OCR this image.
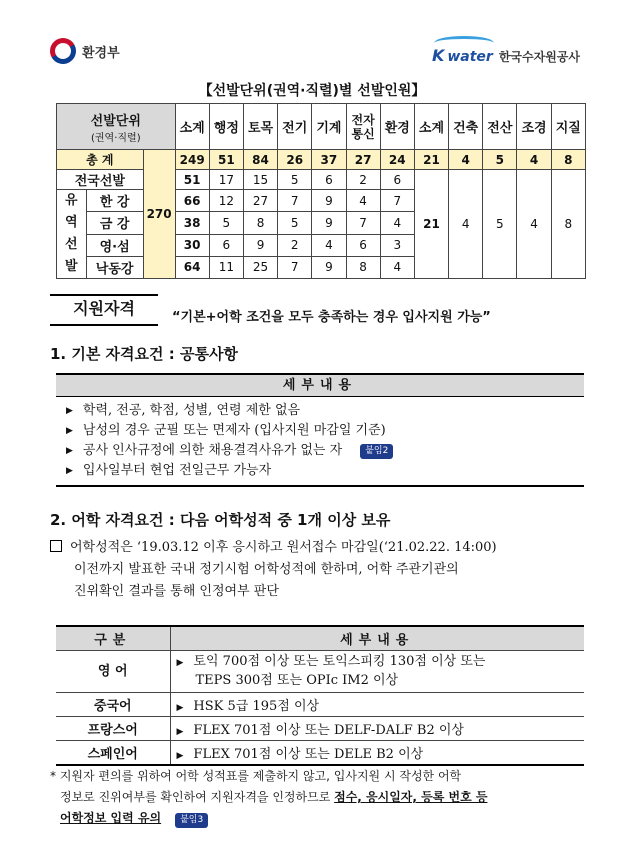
환경부	K water 한국수자원공사
【선발단위(권역·직렬)별 선발인원】
선발단위
(권역·직렬)			소계	행정	토목	전기	기계	전자통신	환경	소계	건축	전산	조경	지질
총 계		270	249	51	84	26	37	27	24	21	4	5	4	8
전국선발			51	17	15	5	6	2	6	21	4	5	4	8

유
역
선
발	한 강		66	12	27	7	9	4	7					
	금 강		38	5	8	5	9	7	4					
	영·섬		30	6	9	2	4	6	3					
	낙동강		64	11	25	7	9	8	4					
지원자격	“기본+어학 조건을 모두 충족하는 경우 입사지원 가능”
1. 기본 자격요건 : 공통사항
세부내용
▶ 학력, 전공, 학점, 성별, 연령 제한 없음
▶ 남성의 경우 군필 또는 면제자 (입사지원 마감일 기준)
▶ 공사 인사규정에 의한 채용결격사유가 없는 자	붙임2
▶ 입사일부터 현업 전일근무 가능자
2. 어학 자격요건 : 다음 어학성적 중 1개 이상 보유
어학성적은 ‘19.03.12 이후 응시하고 원서접수 마감일(‘21.02.22. 14:00)
이전까지 발표한 국내 정기시험 어학성적에 한하며, 어학 주관기관의
진위확인 결과를 통해 인정여부 판단
구분	세부내용
영 어	▶ 토익 700점 이상 또는 토익스피킹 130점 이상 또는
TEPS 300점 또는 OPIc IM2 이상

중국어	▶ HSK 5급 195점 이상
프랑스어	▶ FLEX 701점 이상 또는 DELF-DALF B2 이상
스페인어	▶ FLEX 701점 이상 또는 DELE B2 이상
* 지원자 편의를 위하여 어학 성적표를 제출하지 않고, 입사지원 시 작성한 어학
정보로 진위여부를 확인하여 지원자격을 인정하므로 점수, 응시일자, 등록 번호 등
어학정보 입력 유의 붙임3
